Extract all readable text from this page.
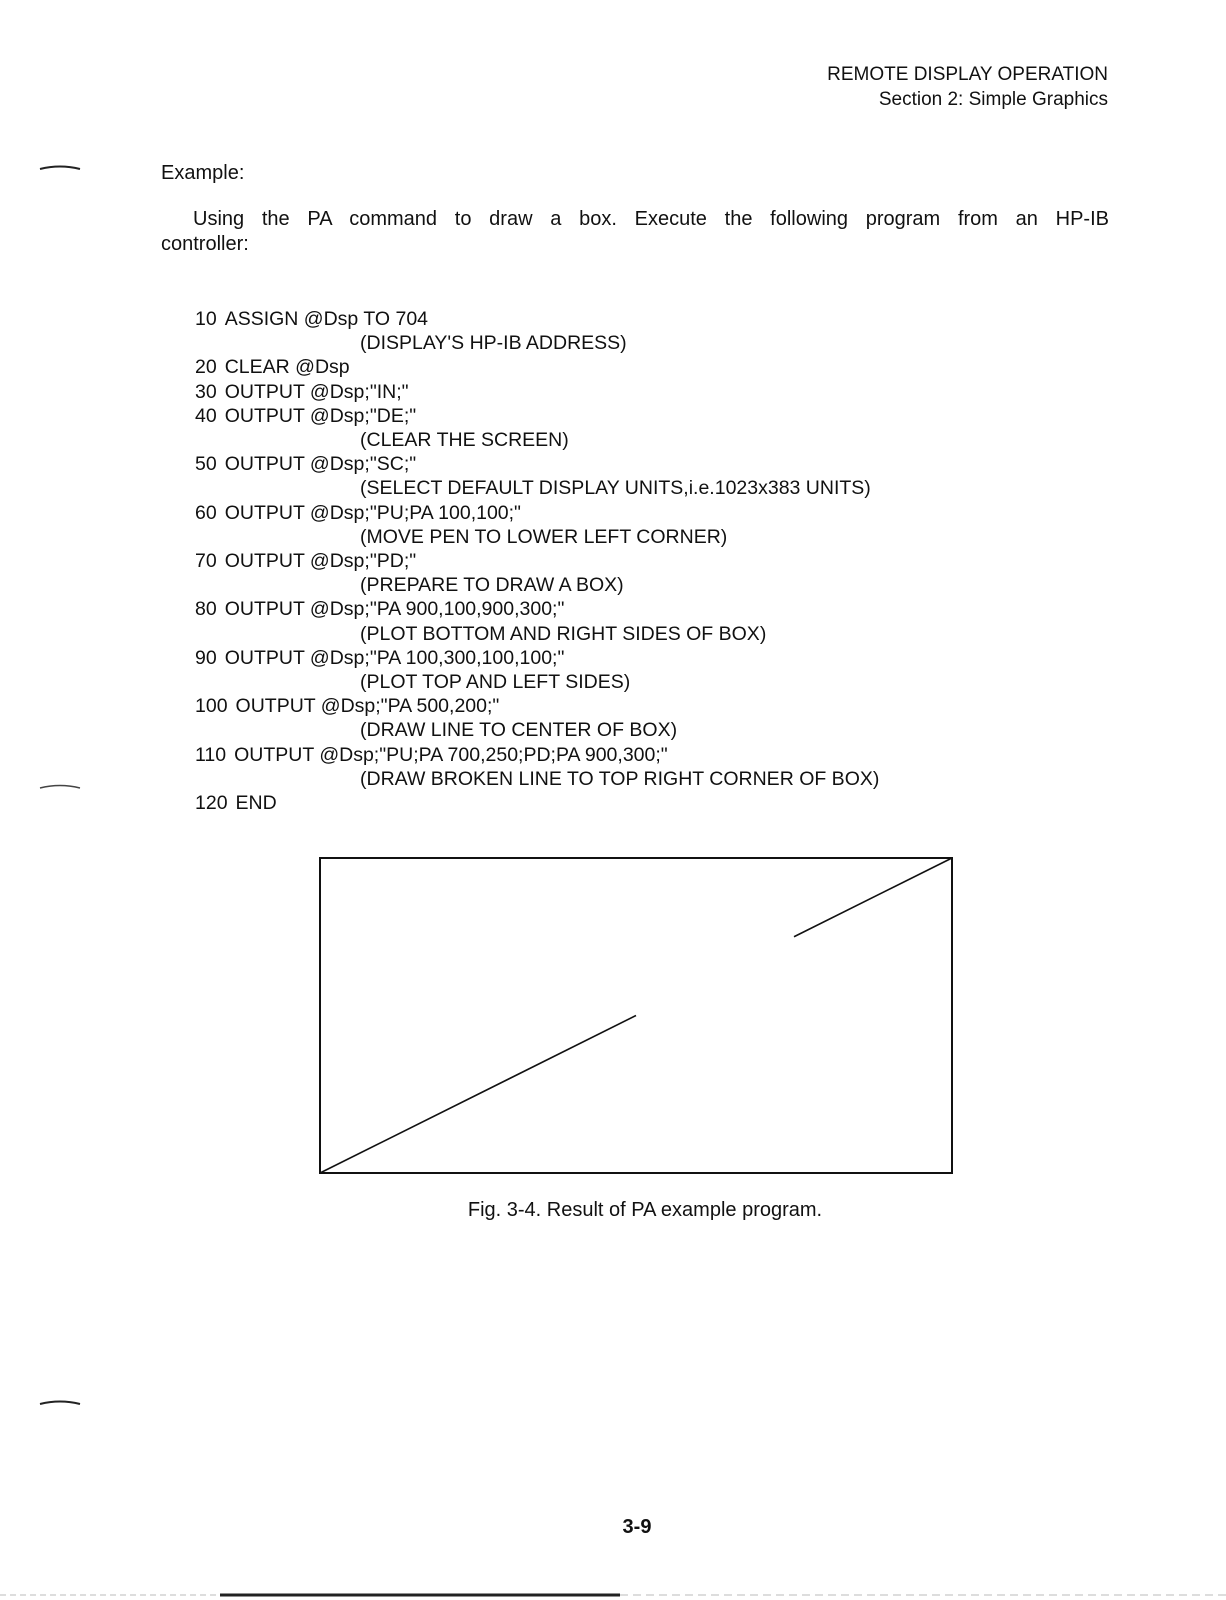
REMOTE DISPLAY OPERATION
Section 2: Simple Graphics
Example:
Using the PA command to draw a box. Execute the following program from an HP-IB
controller:
10
ASSIGN @Dsp TO 704
(DISPLAY'S HP-IB ADDRESS)
20
CLEAR @Dsp
30
OUTPUT @Dsp;"IN;"
40
OUTPUT @Dsp;"DE;"
(CLEAR THE SCREEN)
50
OUTPUT @Dsp;"SC;"
(SELECT DEFAULT DISPLAY UNITS,i.e.1023x383 UNITS)
60
OUTPUT @Dsp;"PU;PA 100,100;"
(MOVE PEN TO LOWER LEFT CORNER)
70
OUTPUT @Dsp;"PD;"
(PREPARE TO DRAW A BOX)
80
OUTPUT @Dsp;"PA 900,100,900,300;"
(PLOT BOTTOM AND RIGHT SIDES OF BOX)
90
OUTPUT @Dsp;"PA 100,300,100,100;"
(PLOT TOP AND LEFT SIDES)
100
OUTPUT @Dsp;"PA 500,200;"
(DRAW LINE TO CENTER OF BOX)
110
OUTPUT @Dsp;"PU;PA 700,250;PD;PA 900,300;"
(DRAW BROKEN LINE TO TOP RIGHT CORNER OF BOX)
120
END
Fig. 3-4. Result of PA example program.
3-9
